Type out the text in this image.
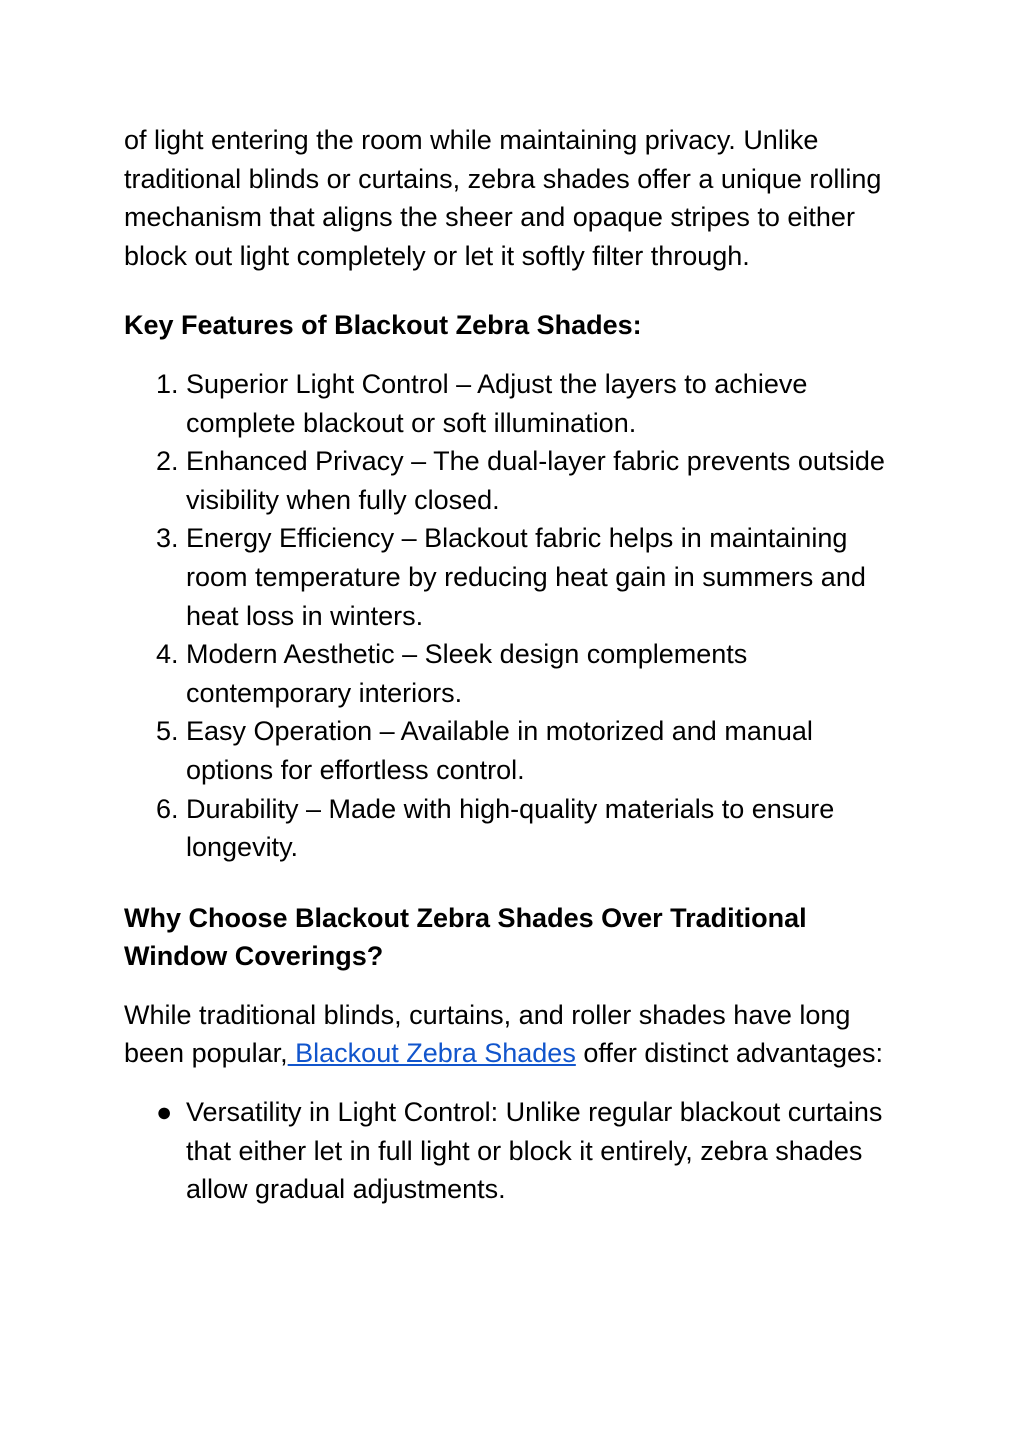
of light entering the room while maintaining privacy. Unlike traditional blinds or curtains, zebra shades offer a unique rolling mechanism that aligns the sheer and opaque stripes to either block out light completely or let it softly filter through.

Key Features of Blackout Zebra Shades:
1. Superior Light Control – Adjust the layers to achieve complete blackout or soft illumination.
2. Enhanced Privacy – The dual-layer fabric prevents outside visibility when fully closed.
3. Energy Efficiency – Blackout fabric helps in maintaining room temperature by reducing heat gain in summers and heat loss in winters.
4. Modern Aesthetic – Sleek design complements contemporary interiors.
5. Easy Operation – Available in motorized and manual options for effortless control.
6. Durability – Made with high-quality materials to ensure longevity.
Why Choose Blackout Zebra Shades Over Traditional Window Coverings?

While traditional blinds, curtains, and roller shades have long been popular, Blackout Zebra Shades offer distinct advantages:

● Versatility in Light Control: Unlike regular blackout curtains that either let in full light or block it entirely, zebra shades allow gradual adjustments.
